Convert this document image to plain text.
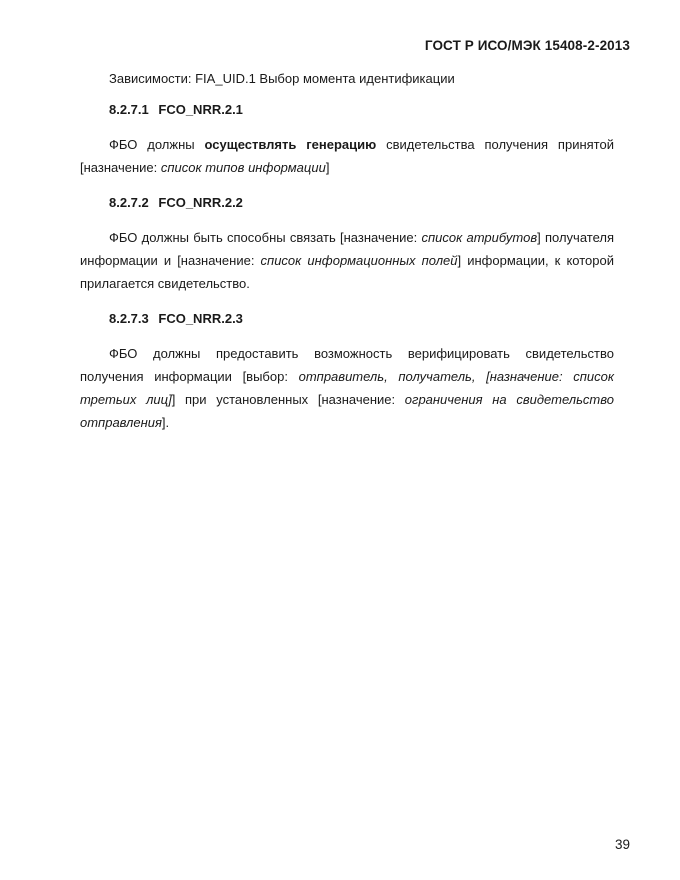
ГОСТ Р ИСО/МЭК 15408-2-2013

Зависимости: FIA_UID.1 Выбор момента идентификации

8.2.7.1 FCO_NRR.2.1

ФБО должны осуществлять генерацию свидетельства получения принятой [назначение: список типов информации]

8.2.7.2 FCO_NRR.2.2

ФБО должны быть способны связать [назначение: список атрибутов] получателя информации и [назначение: список информационных полей] информации, к которой прилагается свидетельство.

8.2.7.3 FCO_NRR.2.3

ФБО должны предоставить возможность верифицировать свидетельство получения информации [выбор: отправитель, получатель, [назначение: список третьих лиц]] при установленных [назначение: ограничения на свидетельство отправления].

39
